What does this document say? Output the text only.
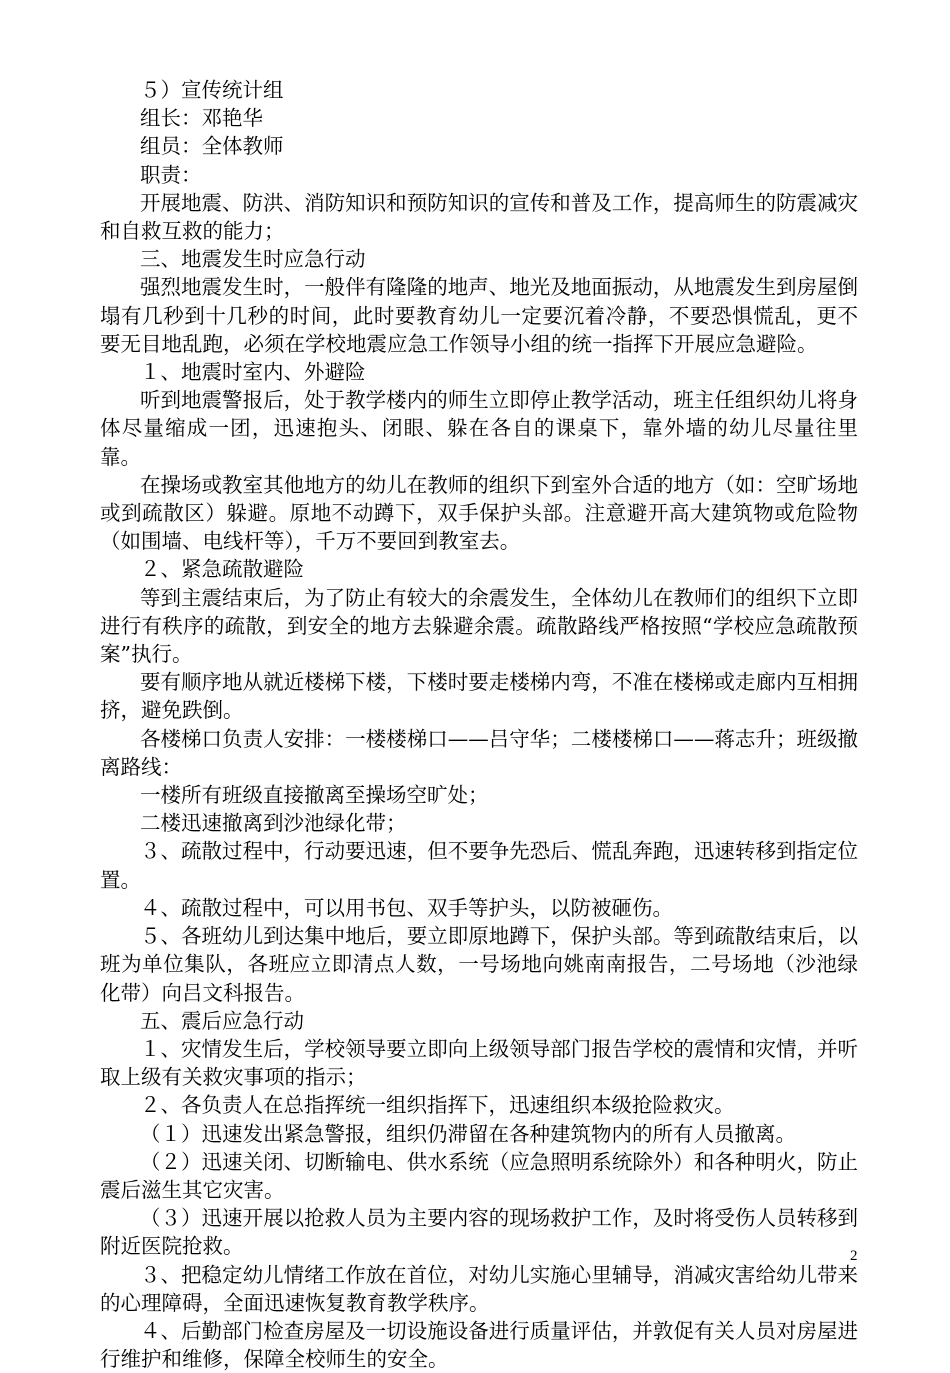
５）宣传统计组

组长：邓艳华

组员：全体教师

职责：

开展地震、防洪、消防知识和预防知识的宣传和普及工作，提高师生的防震减灾和自救互救的能力；

三、地震发生时应急行动

强烈地震发生时，一般伴有隆隆的地声、地光及地面振动，从地震发生到房屋倒塌有几秒到十几秒的时间，此时要教育幼儿一定要沉着冷静，不要恐惧慌乱，更不要无目地乱跑，必须在学校地震应急工作领导小组的统一指挥下开展应急避险。

１、地震时室内、外避险

听到地震警报后，处于教学楼内的师生立即停止教学活动，班主任组织幼儿将身体尽量缩成一团，迅速抱头、闭眼、躲在各自的课桌下，靠外墙的幼儿尽量往里靠。

在操场或教室其他地方的幼儿在教师的组织下到室外合适的地方（如：空旷场地或到疏散区）躲避。原地不动蹲下，双手保护头部。注意避开高大建筑物或危险物（如围墙、电线杆等），千万不要回到教室去。

２、紧急疏散避险

等到主震结束后，为了防止有较大的余震发生，全体幼儿在教师们的组织下立即进行有秩序的疏散，到安全的地方去躲避余震。疏散路线严格按照“学校应急疏散预案”执行。

要有顺序地从就近楼梯下楼，下楼时要走楼梯内弯，不准在楼梯或走廊内互相拥挤，避免跌倒。

各楼梯口负责人安排：一楼楼梯口——吕守华；二楼楼梯口——蒋志升；班级撤离路线：

一楼所有班级直接撤离至操场空旷处；

二楼迅速撤离到沙池绿化带；

３、疏散过程中，行动要迅速，但不要争先恐后、慌乱奔跑，迅速转移到指定位置。

４、疏散过程中，可以用书包、双手等护头，以防被砸伤。

５、各班幼儿到达集中地后，要立即原地蹲下，保护头部。等到疏散结束后，以班为单位集队，各班应立即清点人数，一号场地向姚南南报告，二号场地（沙池绿化带）向吕文科报告。

五、震后应急行动

１、灾情发生后，学校领导要立即向上级领导部门报告学校的震情和灾情，并听取上级有关救灾事项的指示；

２、各负责人在总指挥统一组织指挥下，迅速组织本级抢险救灾。

（１）迅速发出紧急警报，组织仍滞留在各种建筑物内的所有人员撤离。

（２）迅速关闭、切断输电、供水系统（应急照明系统除外）和各种明火，防止震后滋生其它灾害。

（３）迅速开展以抢救人员为主要内容的现场救护工作，及时将受伤人员转移到附近医院抢救。

３、把稳定幼儿情绪工作放在首位，对幼儿实施心里辅导，消减灾害给幼儿带来的心理障碍，全面迅速恢复教育教学秩序。

４、后勤部门检查房屋及一切设施设备进行质量评估，并敦促有关人员对房屋进行维护和维修，保障全校师生的安全。

2
